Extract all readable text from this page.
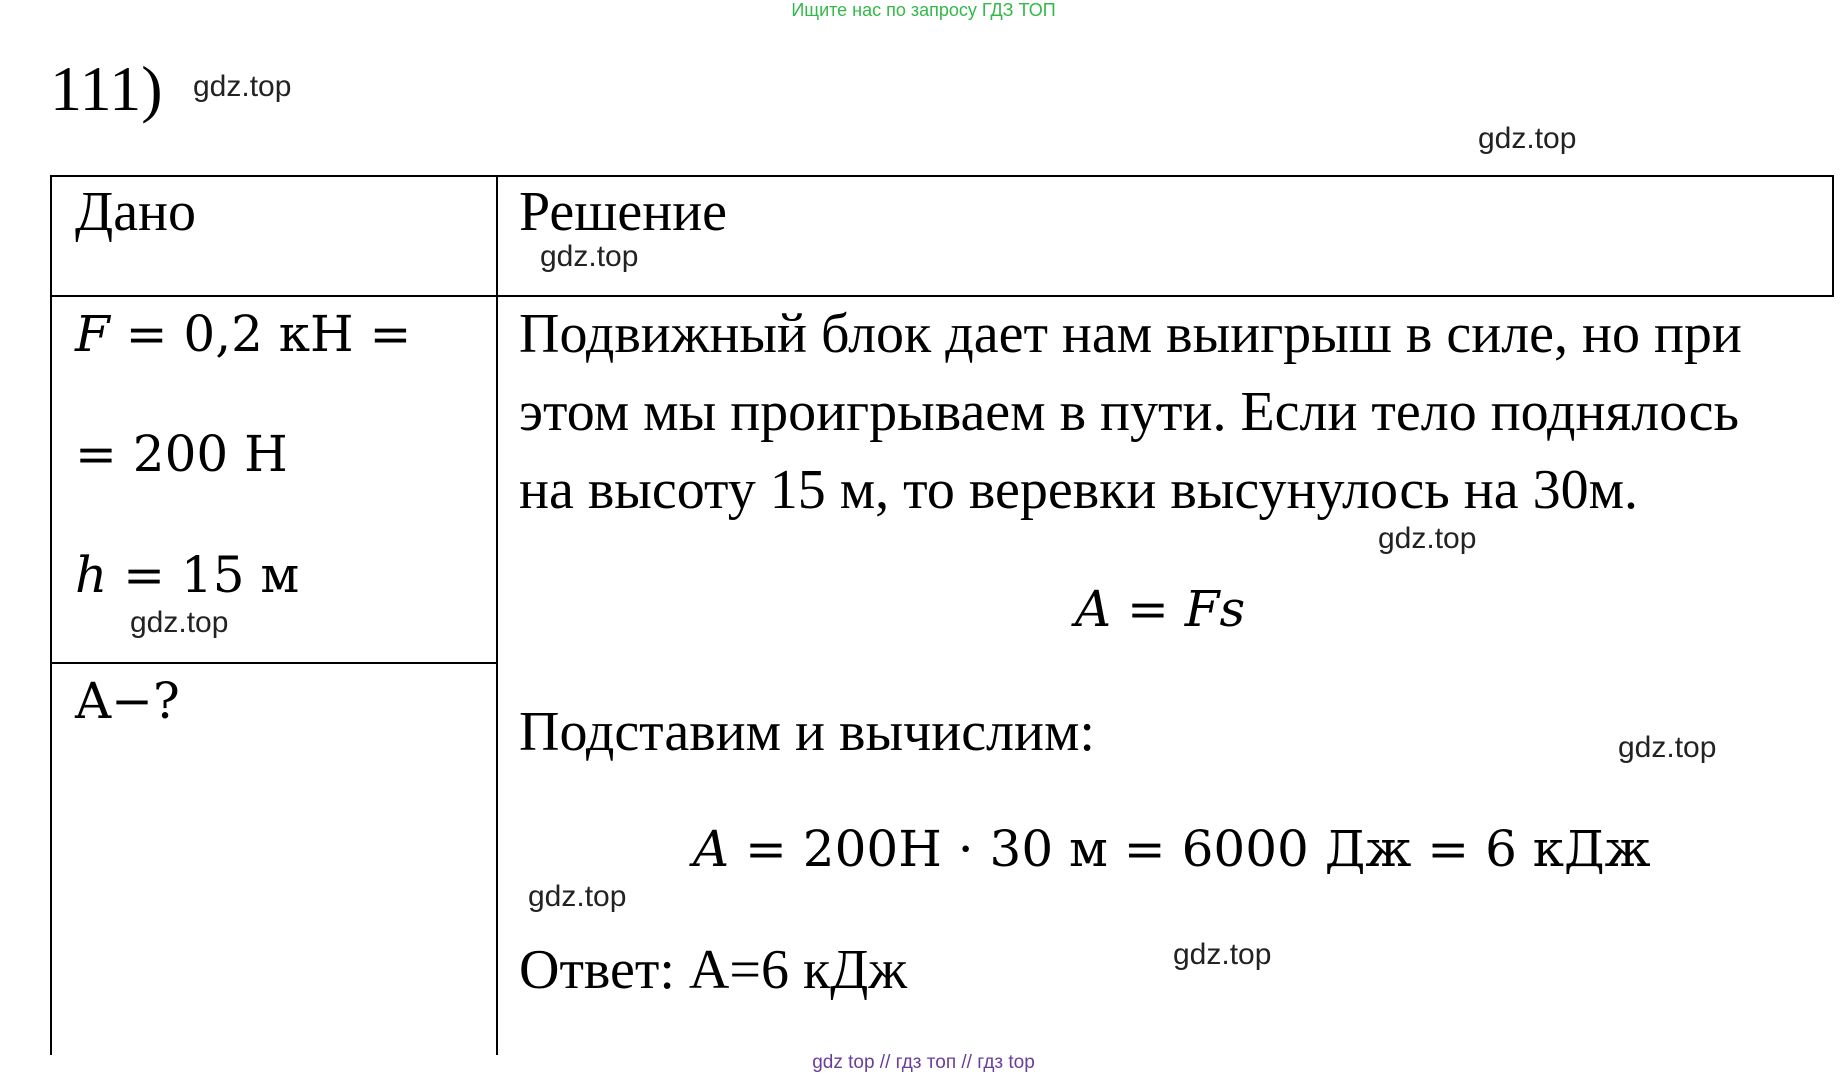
Ищите нас по запросу ГДЗ ТОП
gdz top // гдз топ // гдз top
111) gdz.top
gdz.top
gdz.top
gdz.top
gdz.top
gdz.top
gdz.top
gdz.top
Дано	Решение
F = 0,2 кН =
= 200 Н
h = 15 м
A−?
Подвижный блок дает нам выигрыш в силе, но при
этом мы проигрываем в пути. Если тело поднялось
на высоту 15 м, то веревки высунулось на 30м.
A = Fs
Подставим и вычислим:
A = 200Н · 30 м = 6000 Дж = 6 кДж
Ответ: А=6 кДж
